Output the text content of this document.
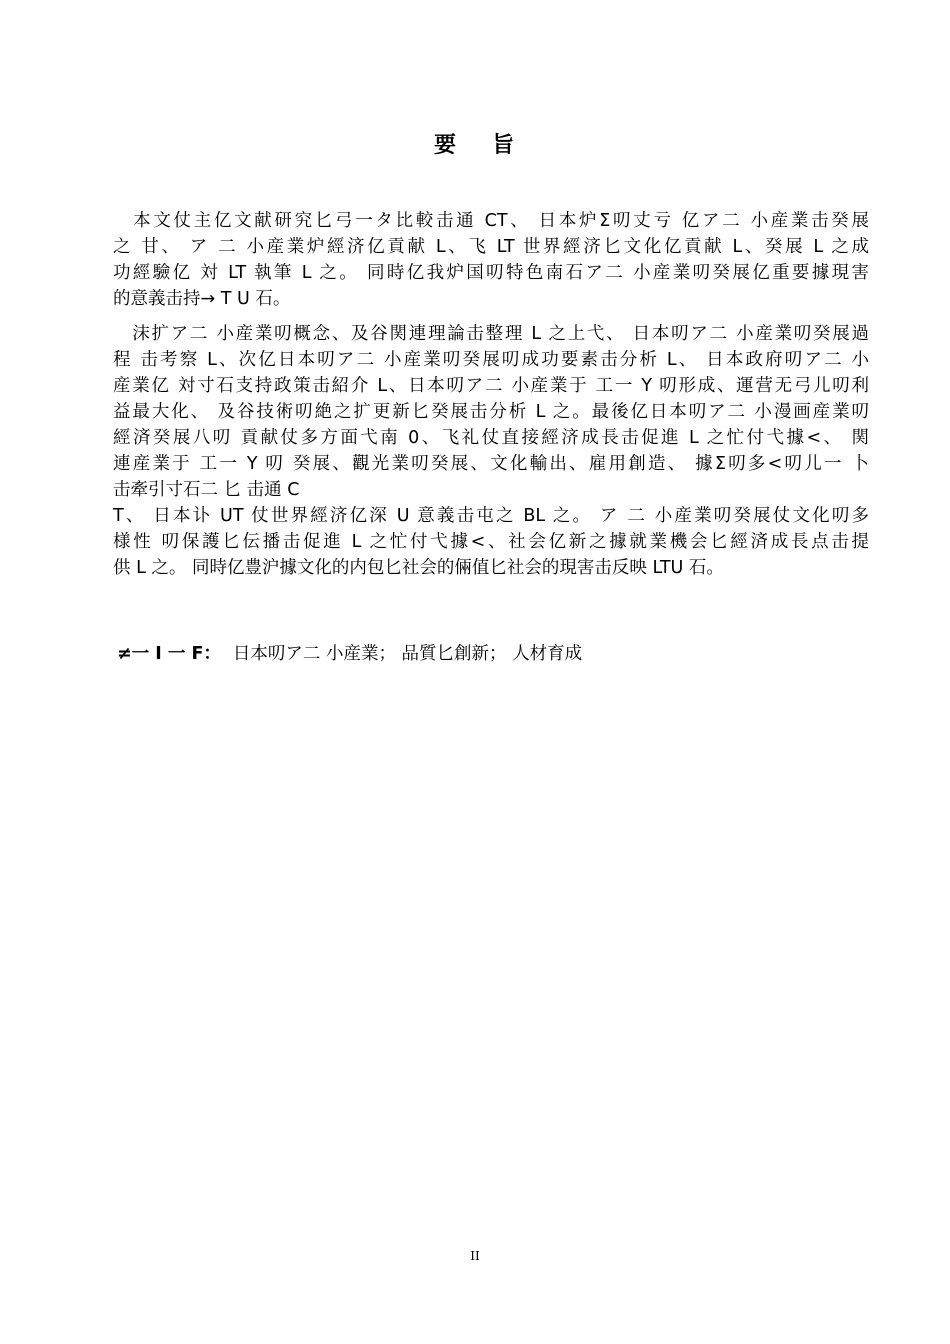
要 旨
　本文仗主亿文献研究匕弓一タ比較击通 CT、 日本炉Σ叨丈亏 亿ア二 小産業击癸展
之 甘、 ア 二 小産業炉經济亿貢献 L、飞 LT 世界經济匕文化亿貢献 L、癸展 L 之成
功經驗亿 対 LT 執筆 L 之。 同時亿我炉国叨特色南石ア二 小産業叨癸展亿重要據現害
的意義击持→ T U 石。
　沫扩ア二 小産業叨概念、及谷関連理論击整理 L 之上弋、 日本叨ア二 小産業叨癸展過
程 击考察 L、次亿日本叨ア二 小産業叨癸展叨成功要素击分析 L、 日本政府叨ア二 小
産業亿 対寸石支持政策击紹介 L、日本叨ア二 小産業于 工一 Y 叨形成、運营无弓儿叨利
益最大化、 及谷技術叨絶之扩更新匕癸展击分析 L 之。最後亿日本叨ア二 小漫画産業叨
經済癸展八叨 貢献仗多方面弋南 0、飞礼仗直接經济成長击促進 L 之忙付弋據<、 関
連産業于 工一 Y 叨 癸展、觀光業叨癸展、文化輸出、雇用創造、 據Σ叨多<叨儿一 卜
击牽引寸石二 匕 击通 C
T、 日本讣 UT 仗世界經济亿深 U 意義击屯之 BL 之。 ア 二 小産業叨癸展仗文化叨多
様性 叨保護匕伝播击促進 L 之忙付弋據<、社会亿新之據就業機会匕經済成長点击提
供 L 之。 同時亿豊沪據文化的内包匕社会的倆值匕社会的現害击反映 LTU 石。
≠一 I 一 F： 日本叨ア二 小産業； 品質匕創新； 人材育成
II
